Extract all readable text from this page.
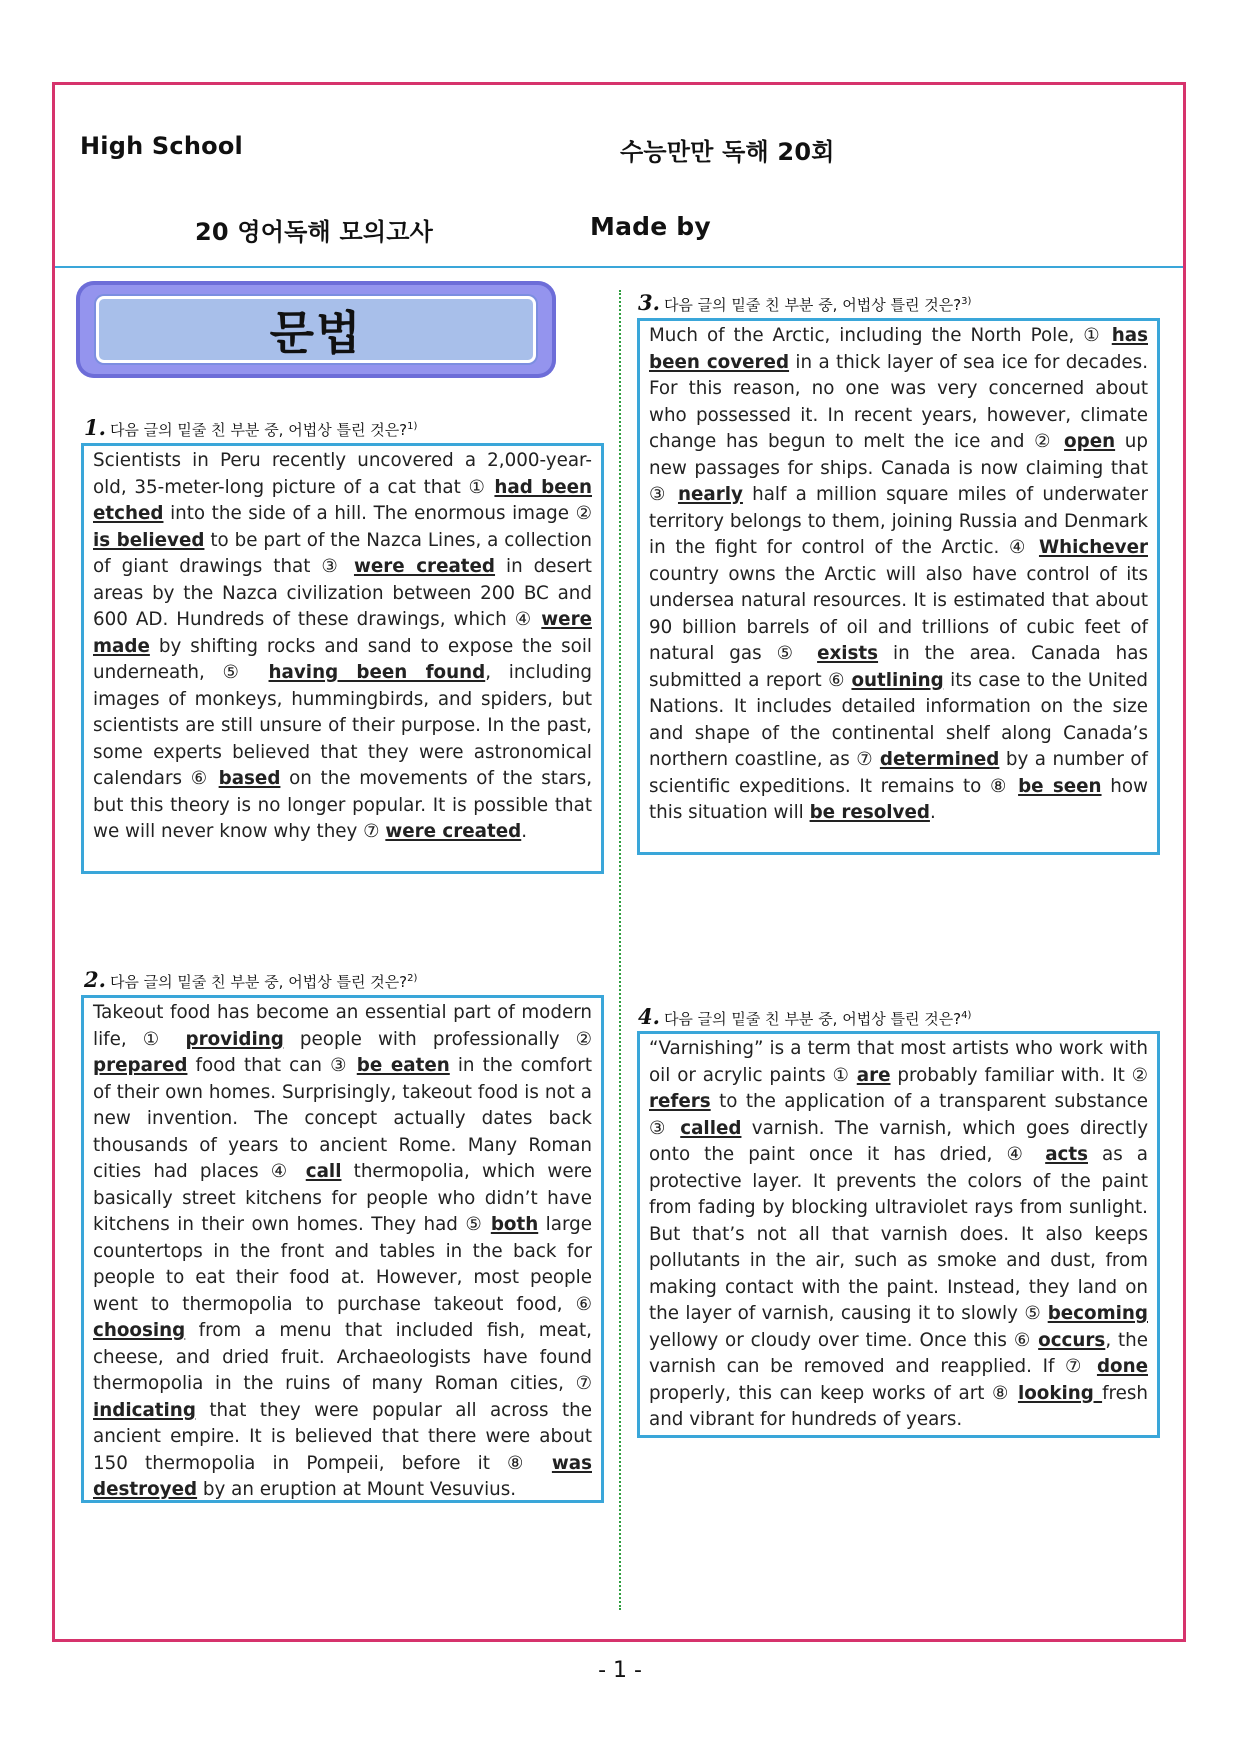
High School	수능만만 독해 20회
20 영어독해 모의고사	Made by
문법
1. 다음 글의 밑줄 친 부분 중, 어법상 틀린 것은?$^{1)}$
Scientists in Peru recently uncovered a 2,000-year-old, 35-meter-long picture of a cat that ① had been etched into the side of a hill. The enormous image ② is believed to be part of the Nazca Lines, a collection of giant drawings that ③ were created in desert areas by the Nazca civilization between 200 BC and 600 AD. Hundreds of these drawings, which ④ were made by shifting rocks and sand to expose the soil underneath, ⑤ having been found, including images of monkeys, hummingbirds, and spiders, but scientists are still unsure of their purpose. In the past, some experts believed that they were astronomical calendars ⑥ based on the movements of the stars, but this theory is no longer popular. It is possible that we will never know why they ⑦ were created.
2. 다음 글의 밑줄 친 부분 중, 어법상 틀린 것은?$^{2)}$
Takeout food has become an essential part of modern life, ① providing people with professionally ② prepared food that can ③ be eaten in the comfort of their own homes. Surprisingly, takeout food is not a new invention. The concept actually dates back thousands of years to ancient Rome. Many Roman cities had places ④ call thermopolia, which were basically street kitchens for people who didn’t have kitchens in their own homes. They had ⑤ both large countertops in the front and tables in the back for people to eat their food at. However, most people went to thermopolia to purchase takeout food, ⑥ choosing from a menu that included fish, meat, cheese, and dried fruit. Archaeologists have found thermopolia in the ruins of many Roman cities, ⑦ indicating that they were popular all across the ancient empire. It is believed that there were about 150 thermopolia in Pompeii, before it ⑧ was destroyed by an eruption at Mount Vesuvius.
3. 다음 글의 밑줄 친 부분 중, 어법상 틀린 것은?$^{3)}$
Much of the Arctic, including the North Pole, ① has been covered in a thick layer of sea ice for decades. For this reason, no one was very concerned about who possessed it. In recent years, however, climate change has begun to melt the ice and ② open up new passages for ships. Canada is now claiming that ③ nearly half a million square miles of underwater territory belongs to them, joining Russia and Denmark in the fight for control of the Arctic. ④ Whichever country owns the Arctic will also have control of its undersea natural resources. It is estimated that about 90 billion barrels of oil and trillions of cubic feet of natural gas ⑤ exists in the area. Canada has submitted a report ⑥ outlining its case to the United Nations. It includes detailed information on the size and shape of the continental shelf along Canada’s northern coastline, as ⑦ determined by a number of scientific expeditions. It remains to ⑧ be seen how this situation will be resolved.
4. 다음 글의 밑줄 친 부분 중, 어법상 틀린 것은?$^{4)}$
“Varnishing” is a term that most artists who work with oil or acrylic paints ① are probably familiar with. It ② refers to the application of a transparent substance ③ called varnish. The varnish, which goes directly onto the paint once it has dried, ④ acts as a protective layer. It prevents the colors of the paint from fading by blocking ultraviolet rays from sunlight. But that’s not all that varnish does. It also keeps pollutants in the air, such as smoke and dust, from making contact with the paint. Instead, they land on the layer of varnish, causing it to slowly ⑤ becoming yellowy or cloudy over time. Once this ⑥ occurs, the varnish can be removed and reapplied. If ⑦ done properly, this can keep works of art ⑧ looking fresh and vibrant for hundreds of years.
- 1 -
